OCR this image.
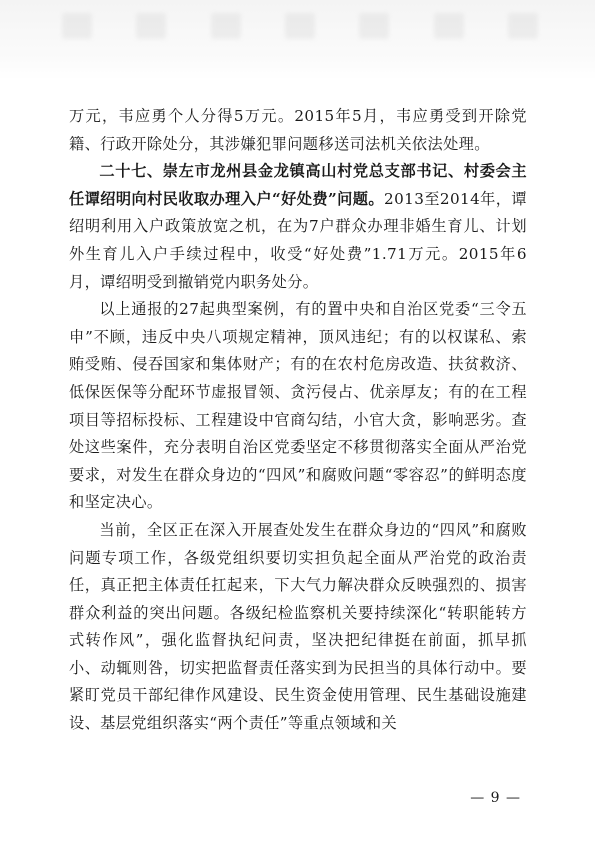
万元，韦应勇个人分得5万元。2015年5月，韦应勇受到开除党籍、行政开除处分，其涉嫌犯罪问题移送司法机关依法处理。

二十七、崇左市龙州县金龙镇高山村党总支部书记、村委会主任谭绍明向村民收取办理入户“好处费”问题。2013至2014年，谭绍明利用入户政策放宽之机，在为7户群众办理非婚生育儿、计划外生育儿入户手续过程中，收受“好处费”1.71万元。2015年6月，谭绍明受到撤销党内职务处分。

以上通报的27起典型案例，有的置中央和自治区党委“三令五申”不顾，违反中央八项规定精神，顶风违纪；有的以权谋私、索贿受贿、侵吞国家和集体财产；有的在农村危房改造、扶贫救济、低保医保等分配环节虚报冒领、贪污侵占、优亲厚友；有的在工程项目等招标投标、工程建设中官商勾结，小官大贪，影响恶劣。查处这些案件，充分表明自治区党委坚定不移贯彻落实全面从严治党要求，对发生在群众身边的“四风”和腐败问题“零容忍”的鲜明态度和坚定决心。

当前，全区正在深入开展查处发生在群众身边的“四风”和腐败问题专项工作，各级党组织要切实担负起全面从严治党的政治责任，真正把主体责任扛起来，下大气力解决群众反映强烈的、损害群众利益的突出问题。各级纪检监察机关要持续深化“转职能转方式转作风”，强化监督执纪问责，坚决把纪律挺在前面，抓早抓小、动辄则咎，切实把监督责任落实到为民担当的具体行动中。要紧盯党员干部纪律作风建设、民生资金使用管理、民生基础设施建设、基层党组织落实“两个责任”等重点领域和关

— 9 —
